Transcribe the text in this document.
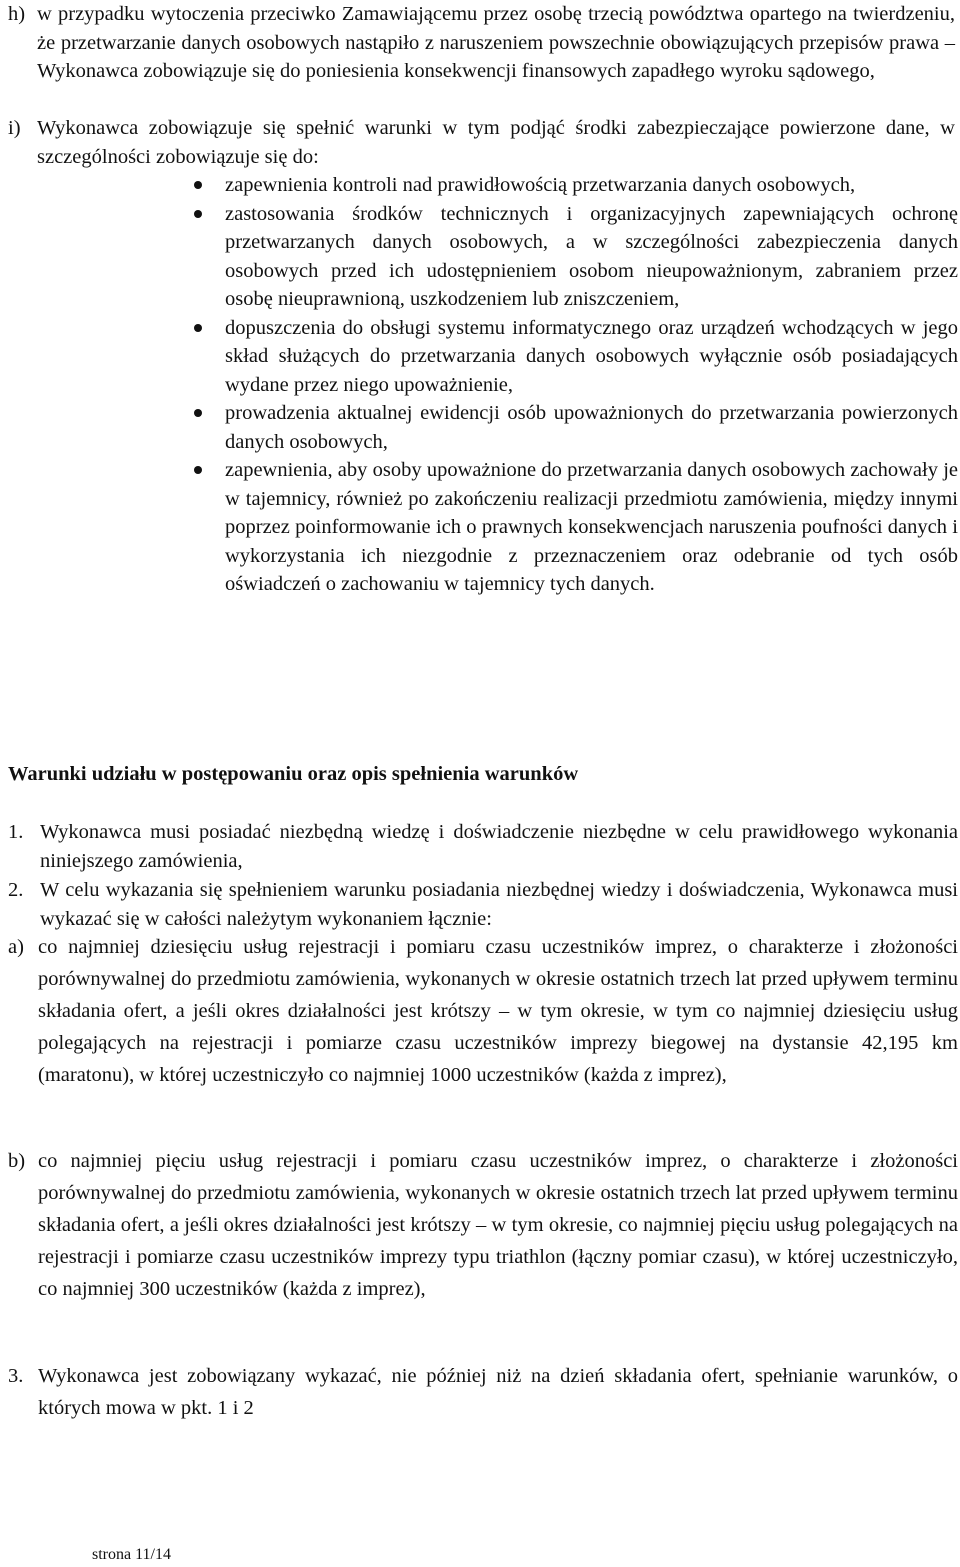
h) w przypadku wytoczenia przeciwko Zamawiającemu przez osobę trzecią powództwa opartego na twierdzeniu, że przetwarzanie danych osobowych nastąpiło z naruszeniem powszechnie obowiązujących przepisów prawa – Wykonawca zobowiązuje się do poniesienia konsekwencji finansowych zapadłego wyroku sądowego,
i) Wykonawca zobowiązuje się spełnić warunki w tym podjąć środki zabezpieczające powierzone dane, w szczególności zobowiązuje się do:
zapewnienia kontroli nad prawidłowością przetwarzania danych osobowych,
zastosowania środków technicznych i organizacyjnych zapewniających ochronę przetwarzanych danych osobowych, a w szczególności zabezpieczenia danych osobowych przed ich udostępnieniem osobom nieupoważnionym, zabraniem przez osobę nieuprawnioną, uszkodzeniem lub zniszczeniem,
dopuszczenia do obsługi systemu informatycznego oraz urządzeń wchodzących w jego skład służących do przetwarzania danych osobowych wyłącznie osób posiadających wydane przez niego upoważnienie,
prowadzenia aktualnej ewidencji osób upoważnionych do przetwarzania powierzonych danych osobowych,
zapewnienia, aby osoby upoważnione do przetwarzania danych osobowych zachowały je w tajemnicy, również po zakończeniu realizacji przedmiotu zamówienia, między innymi poprzez poinformowanie ich o prawnych konsekwencjach naruszenia poufności danych i wykorzystania ich niezgodnie z przeznaczeniem oraz odebranie od tych osób oświadczeń o zachowaniu w tajemnicy tych danych.
Warunki udziału w postępowaniu oraz opis spełnienia warunków
1. Wykonawca musi posiadać niezbędną wiedzę i doświadczenie niezbędne w celu prawidłowego wykonania niniejszego zamówienia,
2. W celu wykazania się spełnieniem warunku posiadania niezbędnej wiedzy i doświadczenia, Wykonawca musi wykazać się w całości należytym wykonaniem łącznie:
a) co najmniej dziesięciu usług rejestracji i pomiaru czasu uczestników imprez, o charakterze i złożoności porównywalnej do przedmiotu zamówienia, wykonanych w okresie ostatnich trzech lat przed upływem terminu składania ofert, a jeśli okres działalności jest krótszy – w tym okresie, w tym co najmniej dziesięciu usług polegających na rejestracji i pomiarze czasu uczestników imprezy biegowej na dystansie 42,195 km (maratonu), w której uczestniczyło co najmniej 1000 uczestników (każda z imprez),
b) co najmniej pięciu usług rejestracji i pomiaru czasu uczestników imprez, o charakterze i złożoności porównywalnej do przedmiotu zamówienia, wykonanych w okresie ostatnich trzech lat przed upływem terminu składania ofert, a jeśli okres działalności jest krótszy – w tym okresie, co najmniej pięciu usług polegających na rejestracji i pomiarze czasu uczestników imprezy typu triathlon (łączny pomiar czasu), w której uczestniczyło, co najmniej 300 uczestników (każda z imprez),
3. Wykonawca jest zobowiązany wykazać, nie później niż na dzień składania ofert, spełnianie warunków, o których mowa w pkt. 1 i 2
strona 11/14
